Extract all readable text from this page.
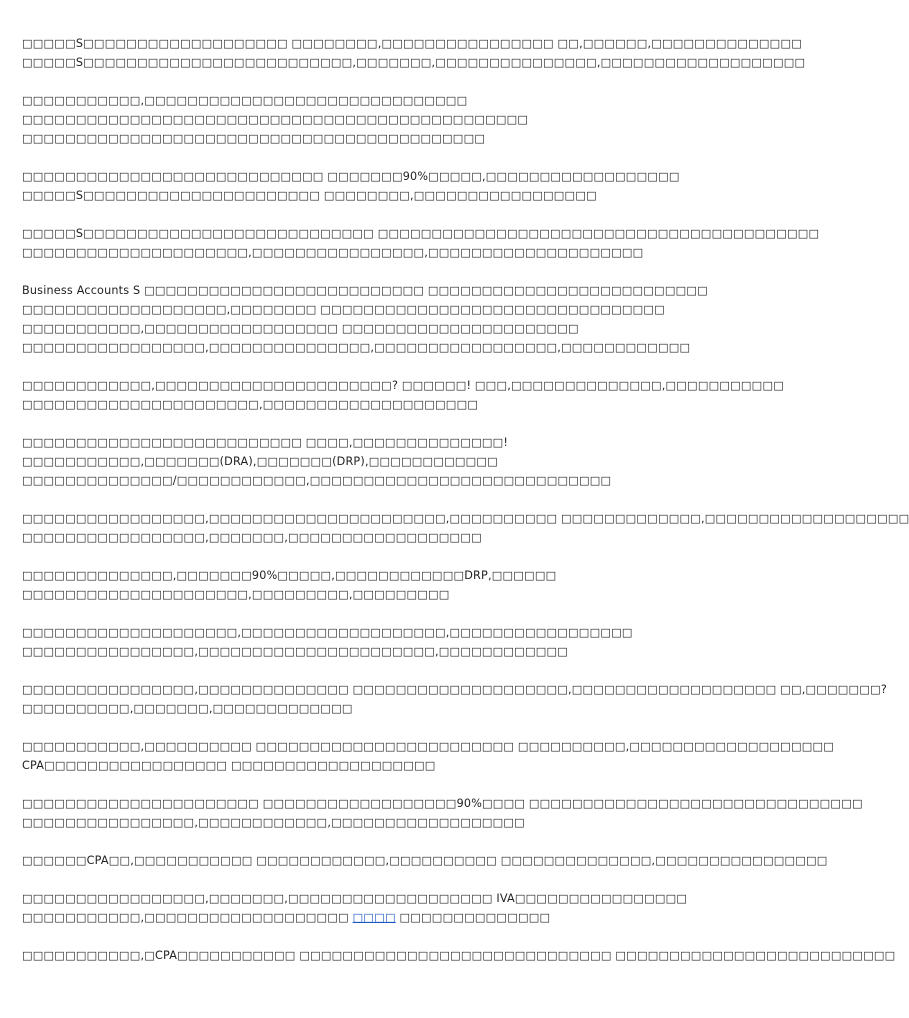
□□□□□S□□□□□□□□□□□□□□□□□□□ □□□□□□□□,□□□□□□□□□□□□□□□□ □□,□□□□□□,□□□□□□□□□□□□□□
□□□□□S□□□□□□□□□□□□□□□□□□□□□□□□□,□□□□□□□,□□□□□□□□□□□□□□□,□□□□□□□□□□□□□□□□□□□
□□□□□□□□□□□,□□□□□□□□□□□□□□□□□□□□□□□□□□□□□□
□□□□□□□□□□□□□□□□□□□□□□□□□□□□□□□□□□□□□□□□□□□□□□□
□□□□□□□□□□□□□□□□□□□□□□□□□□□□□□□□□□□□□□□□□□□
□□□□□□□□□□□□□□□□□□□□□□□□□□□□ □□□□□□□90%□□□□□,□□□□□□□□□□□□□□□□□□
□□□□□S□□□□□□□□□□□□□□□□□□□□□□ □□□□□□□□,□□□□□□□□□□□□□□□□□
□□□□□S□□□□□□□□□□□□□□□□□□□□□□□□□□□ □□□□□□□□□□□□□□□□□□□□□□□□□□□□□□□□□□□□□□□□□
□□□□□□□□□□□□□□□□□□□□□,□□□□□□□□□□□□□□□□,□□□□□□□□□□□□□□□□□□□□
Business Accounts S □□□□□□□□□□□□□□□□□□□□□□□□□□ □□□□□□□□□□□□□□□□□□□□□□□□□□
□□□□□□□□□□□□□□□□□□□,□□□□□□□□ □□□□□□□□□□□□□□□□□□□□□□□□□□□□□□□□
□□□□□□□□□□□,□□□□□□□□□□□□□□□□□□ □□□□□□□□□□□□□□□□□□□□□□
□□□□□□□□□□□□□□□□□,□□□□□□□□□□□□□□□,□□□□□□□□□□□□□□□□□,□□□□□□□□□□□□
□□□□□□□□□□□□,□□□□□□□□□□□□□□□□□□□□□□? □□□□□□! □□□,□□□□□□□□□□□□□□,□□□□□□□□□□□
□□□□□□□□□□□□□□□□□□□□□□,□□□□□□□□□□□□□□□□□□□□
□□□□□□□□□□□□□□□□□□□□□□□□□□ □□□□,□□□□□□□□□□□□□□!
□□□□□□□□□□□,□□□□□□□(DRA),□□□□□□□(DRP),□□□□□□□□□□□□
□□□□□□□□□□□□□□/□□□□□□□□□□□□,□□□□□□□□□□□□□□□□□□□□□□□□□□□□
□□□□□□□□□□□□□□□□□,□□□□□□□□□□□□□□□□□□□□□□,□□□□□□□□□□ □□□□□□□□□□□□□,□□□□□□□□□□□□□□□□□□□
□□□□□□□□□□□□□□□□□,□□□□□□□,□□□□□□□□□□□□□□□□□□
□□□□□□□□□□□□□□,□□□□□□□90%□□□□□,□□□□□□□□□□□□DRP,□□□□□□
□□□□□□□□□□□□□□□□□□□□□,□□□□□□□□□,□□□□□□□□□
□□□□□□□□□□□□□□□□□□□□,□□□□□□□□□□□□□□□□□□□,□□□□□□□□□□□□□□□□□
□□□□□□□□□□□□□□□□,□□□□□□□□□□□□□□□□□□□□□□,□□□□□□□□□□□□
□□□□□□□□□□□□□□□□,□□□□□□□□□□□□□□ □□□□□□□□□□□□□□□□□□□□,□□□□□□□□□□□□□□□□□□□ □□,□□□□□□□?
□□□□□□□□□□,□□□□□□□,□□□□□□□□□□□□□
□□□□□□□□□□□,□□□□□□□□□□ □□□□□□□□□□□□□□□□□□□□□□□□ □□□□□□□□□□,□□□□□□□□□□□□□□□□□□□
CPA□□□□□□□□□□□□□□□□□ □□□□□□□□□□□□□□□□□□□
□□□□□□□□□□□□□□□□□□□□□□ □□□□□□□□□□□□□□□□□□90%□□□□ □□□□□□□□□□□□□□□□□□□□□□□□□□□□□□□
□□□□□□□□□□□□□□□□,□□□□□□□□□□□□,□□□□□□□□□□□□□□□□□□
□□□□□□CPA□□,□□□□□□□□□□□ □□□□□□□□□□□□,□□□□□□□□□□ □□□□□□□□□□□□□□,□□□□□□□□□□□□□□□□
□□□□□□□□□□□□□□□□□,□□□□□□□,□□□□□□□□□□□□□□□□□□□ IVA□□□□□□□□□□□□□□□□
□□□□□□□□□□□,□□□□□□□□□□□□□□□□□□□ □□□□ □□□□□□□□□□□□□□
□□□□□□□□□□□,□CPA□□□□□□□□□□□ □□□□□□□□□□□□□□□□□□□□□□□□□□□□□ □□□□□□□□□□□□□□□□□□□□□□□□□□
